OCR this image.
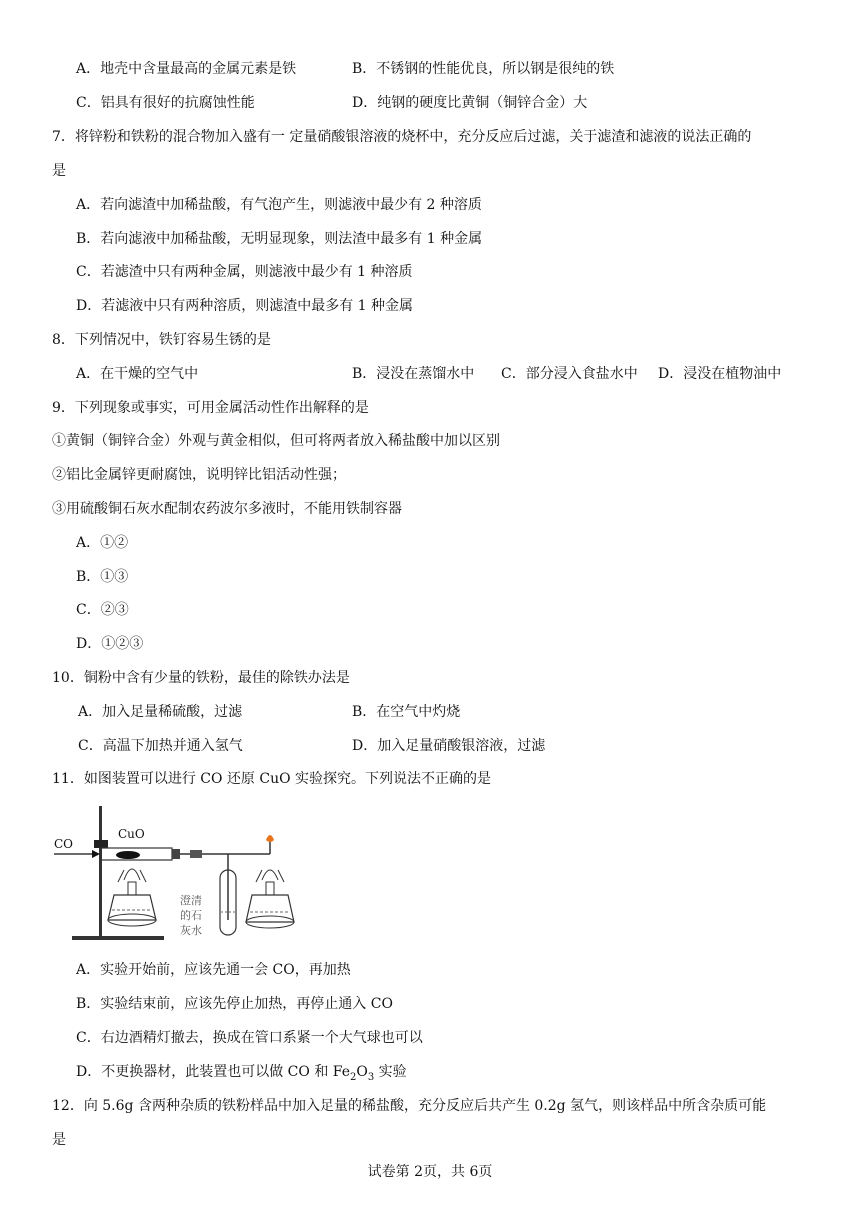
A．地壳中含量最高的金属元素是铁	B．不锈钢的性能优良，所以钢是很纯的铁
C．铝具有很好的抗腐蚀性能	D．纯钢的硬度比黄铜（铜锌合金）大
7．将锌粉和铁粉的混合物加入盛有一 定量硝酸银溶液的烧杯中，充分反应后过滤，关于滤渣和滤液的说法正确的
是
A．若向滤渣中加稀盐酸，有气泡产生，则滤液中最少有 2 种溶质
B．若向滤液中加稀盐酸，无明显现象，则法渣中最多有 1 种金属
C．若滤渣中只有两种金属，则滤液中最少有 1 种溶质
D．若滤液中只有两种溶质，则滤渣中最多有 1 种金属
8．下列情况中，铁钉容易生锈的是
A．在干燥的空气中	B．浸没在蒸馏水中 C．部分浸入食盐水中 D．浸没在植物油中
9．下列现象或事实，可用金属活动性作出解释的是
①黄铜（铜锌合金）外观与黄金相似，但可将两者放入稀盐酸中加以区别
②铝比金属锌更耐腐蚀，说明锌比铝活动性强；
③用硫酸铜石灰水配制农药波尔多液时，不能用铁制容器
A．①②
B．①③
C．②③
D．①②③
10．铜粉中含有少量的铁粉，最佳的除铁办法是
A．加入足量稀硫酸，过滤	B．在空气中灼烧
C．高温下加热并通入氢气	D．加入足量硝酸银溶液，过滤
11．如图装置可以进行 CO 还原 CuO 实验探究。下列说法不正确的是
CO
CuO
澄清
的石
灰水
A．实验开始前，应该先通一会 CO，再加热
B．实验结束前，应该先停止加热，再停止通入 CO
C．右边酒精灯撤去，换成在管口系紧一个大气球也可以
D．不更换器材，此装置也可以做 CO 和 $Fe_2O_3$ 实验
12．向 5.6g 含两种杂质的铁粉样品中加入足量的稀盐酸，充分反应后共产生 0.2g 氢气，则该样品中所含杂质可能
是
试卷第 2页，共 6页
